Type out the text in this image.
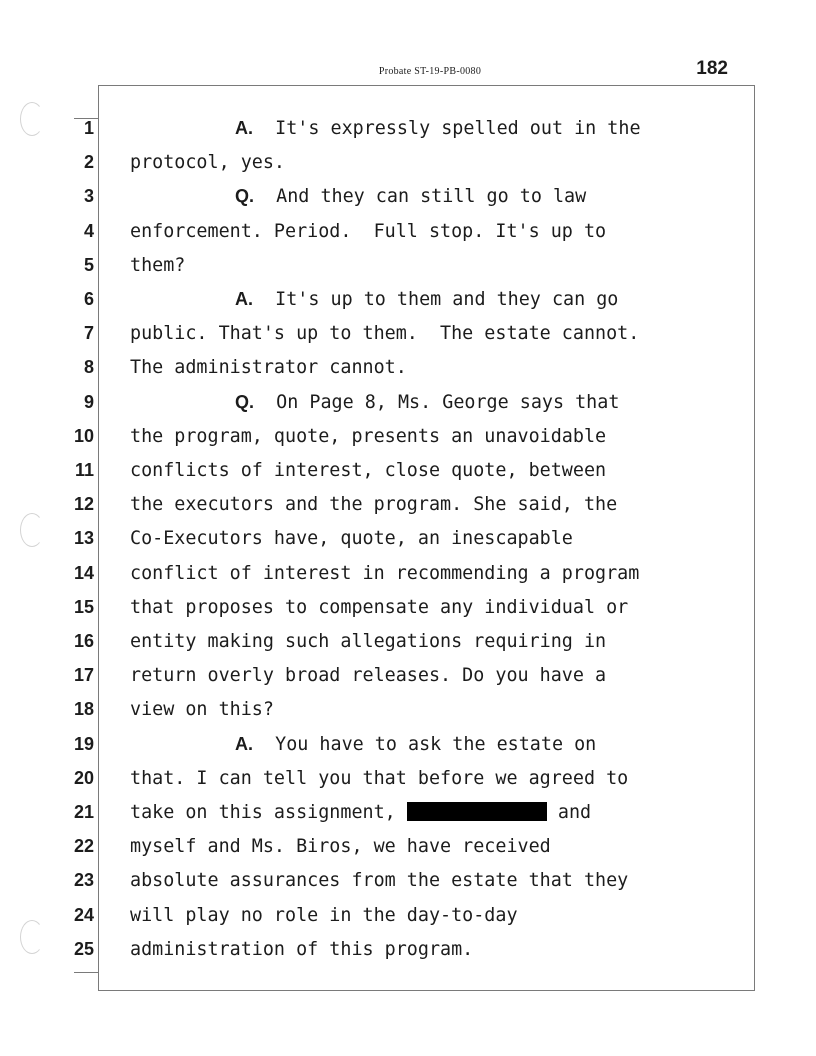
Probate ST-19-PB-0080	182
1	A.  It's expressly spelled out in the
2 protocol, yes.
3	Q.  And they can still go to law
4 enforcement. Period.  Full stop. It's up to
5 them?
6	A.  It's up to them and they can go
7 public. That's up to them.  The estate cannot.
8 The administrator cannot.
9	Q.  On Page 8, Ms. George says that
10 the program, quote, presents an unavoidable
11 conflicts of interest, close quote, between
12 the executors and the program. She said, the
13 Co-Executors have, quote, an inescapable
14 conflict of interest in recommending a program
15 that proposes to compensate any individual or
16 entity making such allegations requiring in
17 return overly broad releases. Do you have a
18 view on this?
19	A.  You have to ask the estate on
20 that. I can tell you that before we agreed to
21 take on this assignment,	and
22 myself and Ms. Biros, we have received
23 absolute assurances from the estate that they
24 will play no role in the day-to-day
25 administration of this program.
